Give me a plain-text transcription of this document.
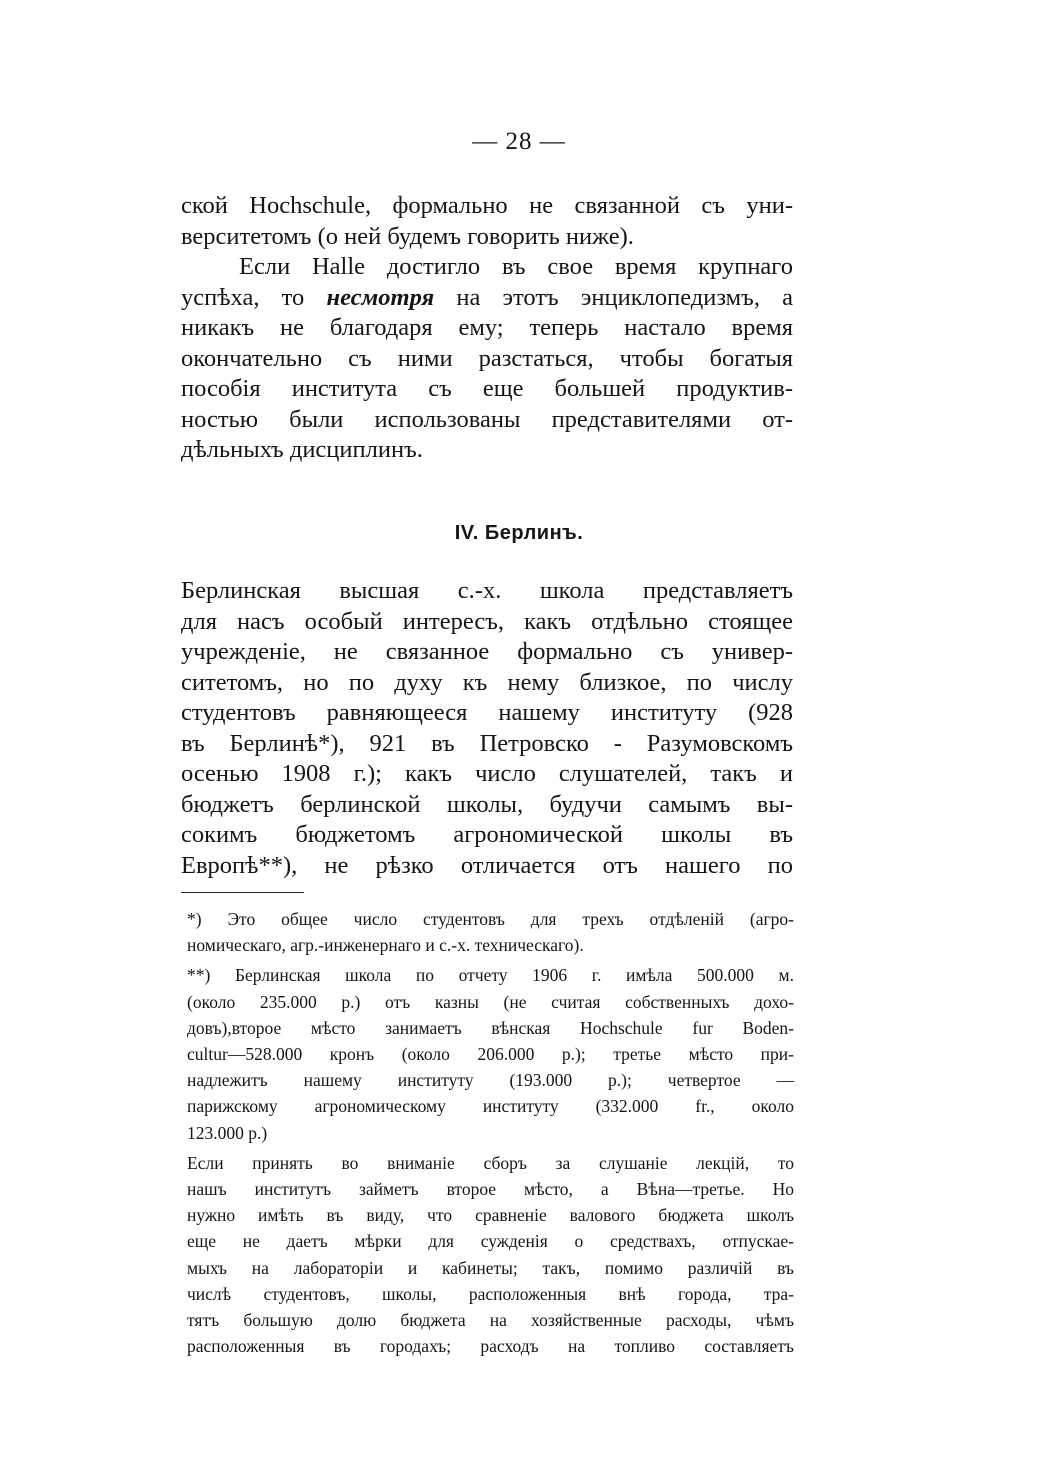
— 28 —
ской Hochschule, формально не связанной съ уни-
верситетомъ (о ней будемъ говорить ниже).
Если Halle достигло въ свое время крупнаго
успѣха, то несмотря на этотъ энциклопедизмъ, а
никакъ не благодаря ему; теперь настало время
окончательно съ ними разстаться, чтобы богатыя
пособія института съ еще большей продуктив-
ностью были использованы представителями от-
дѣльныхъ дисциплинъ.
IV. Берлинъ.
Берлинская высшая с.-х. школа представляетъ
для насъ особый интересъ, какъ отдѣльно стоящее
учрежденіе, не связанное формально съ универ-
ситетомъ, но по духу къ нему близкое, по числу
студентовъ равняющееся нашему институту (928
въ Берлинѣ*), 921 въ Петровско - Разумовскомъ
осенью 1908 г.); какъ число слушателей, такъ и
бюджетъ берлинской школы, будучи самымъ вы-
сокимъ бюджетомъ агрономической школы въ
Европѣ**), не рѣзко отличается отъ нашего по
*) Это общее число студентовъ для трехъ отдѣленій (агро-
номическаго, агр.-инженернаго и с.-х. техническаго).
**) Берлинская школа по отчету 1906 г. имѣла 500.000 м.
(около 235.000 р.) отъ казны (не считая собственныхъ дохо-
довъ),второе мѣсто занимаетъ вѣнская Hochschule fur Boden-
cultur—528.000 кронъ (около 206.000 р.); третье мѣсто при-
надлежитъ нашему институту (193.000 р.); четвертое —
парижскому агрономическому институту (332.000 fr., около
123.000 р.)
Если принять во вниманіе сборъ за слушаніе лекцій, то
нашъ институтъ займетъ второе мѣсто, а Вѣна—третье. Но
нужно имѣть въ виду, что сравненіе валового бюджета школъ
еще не даетъ мѣрки для сужденія о средствахъ, отпускае-
мыхъ на лабораторіи и кабинеты; такъ, помимо различій въ
числѣ студентовъ, школы, расположенныя внѣ города, тра-
тятъ большую долю бюджета на хозяйственные расходы, чѣмъ
расположенныя въ городахъ; расходъ на топливо составляетъ
